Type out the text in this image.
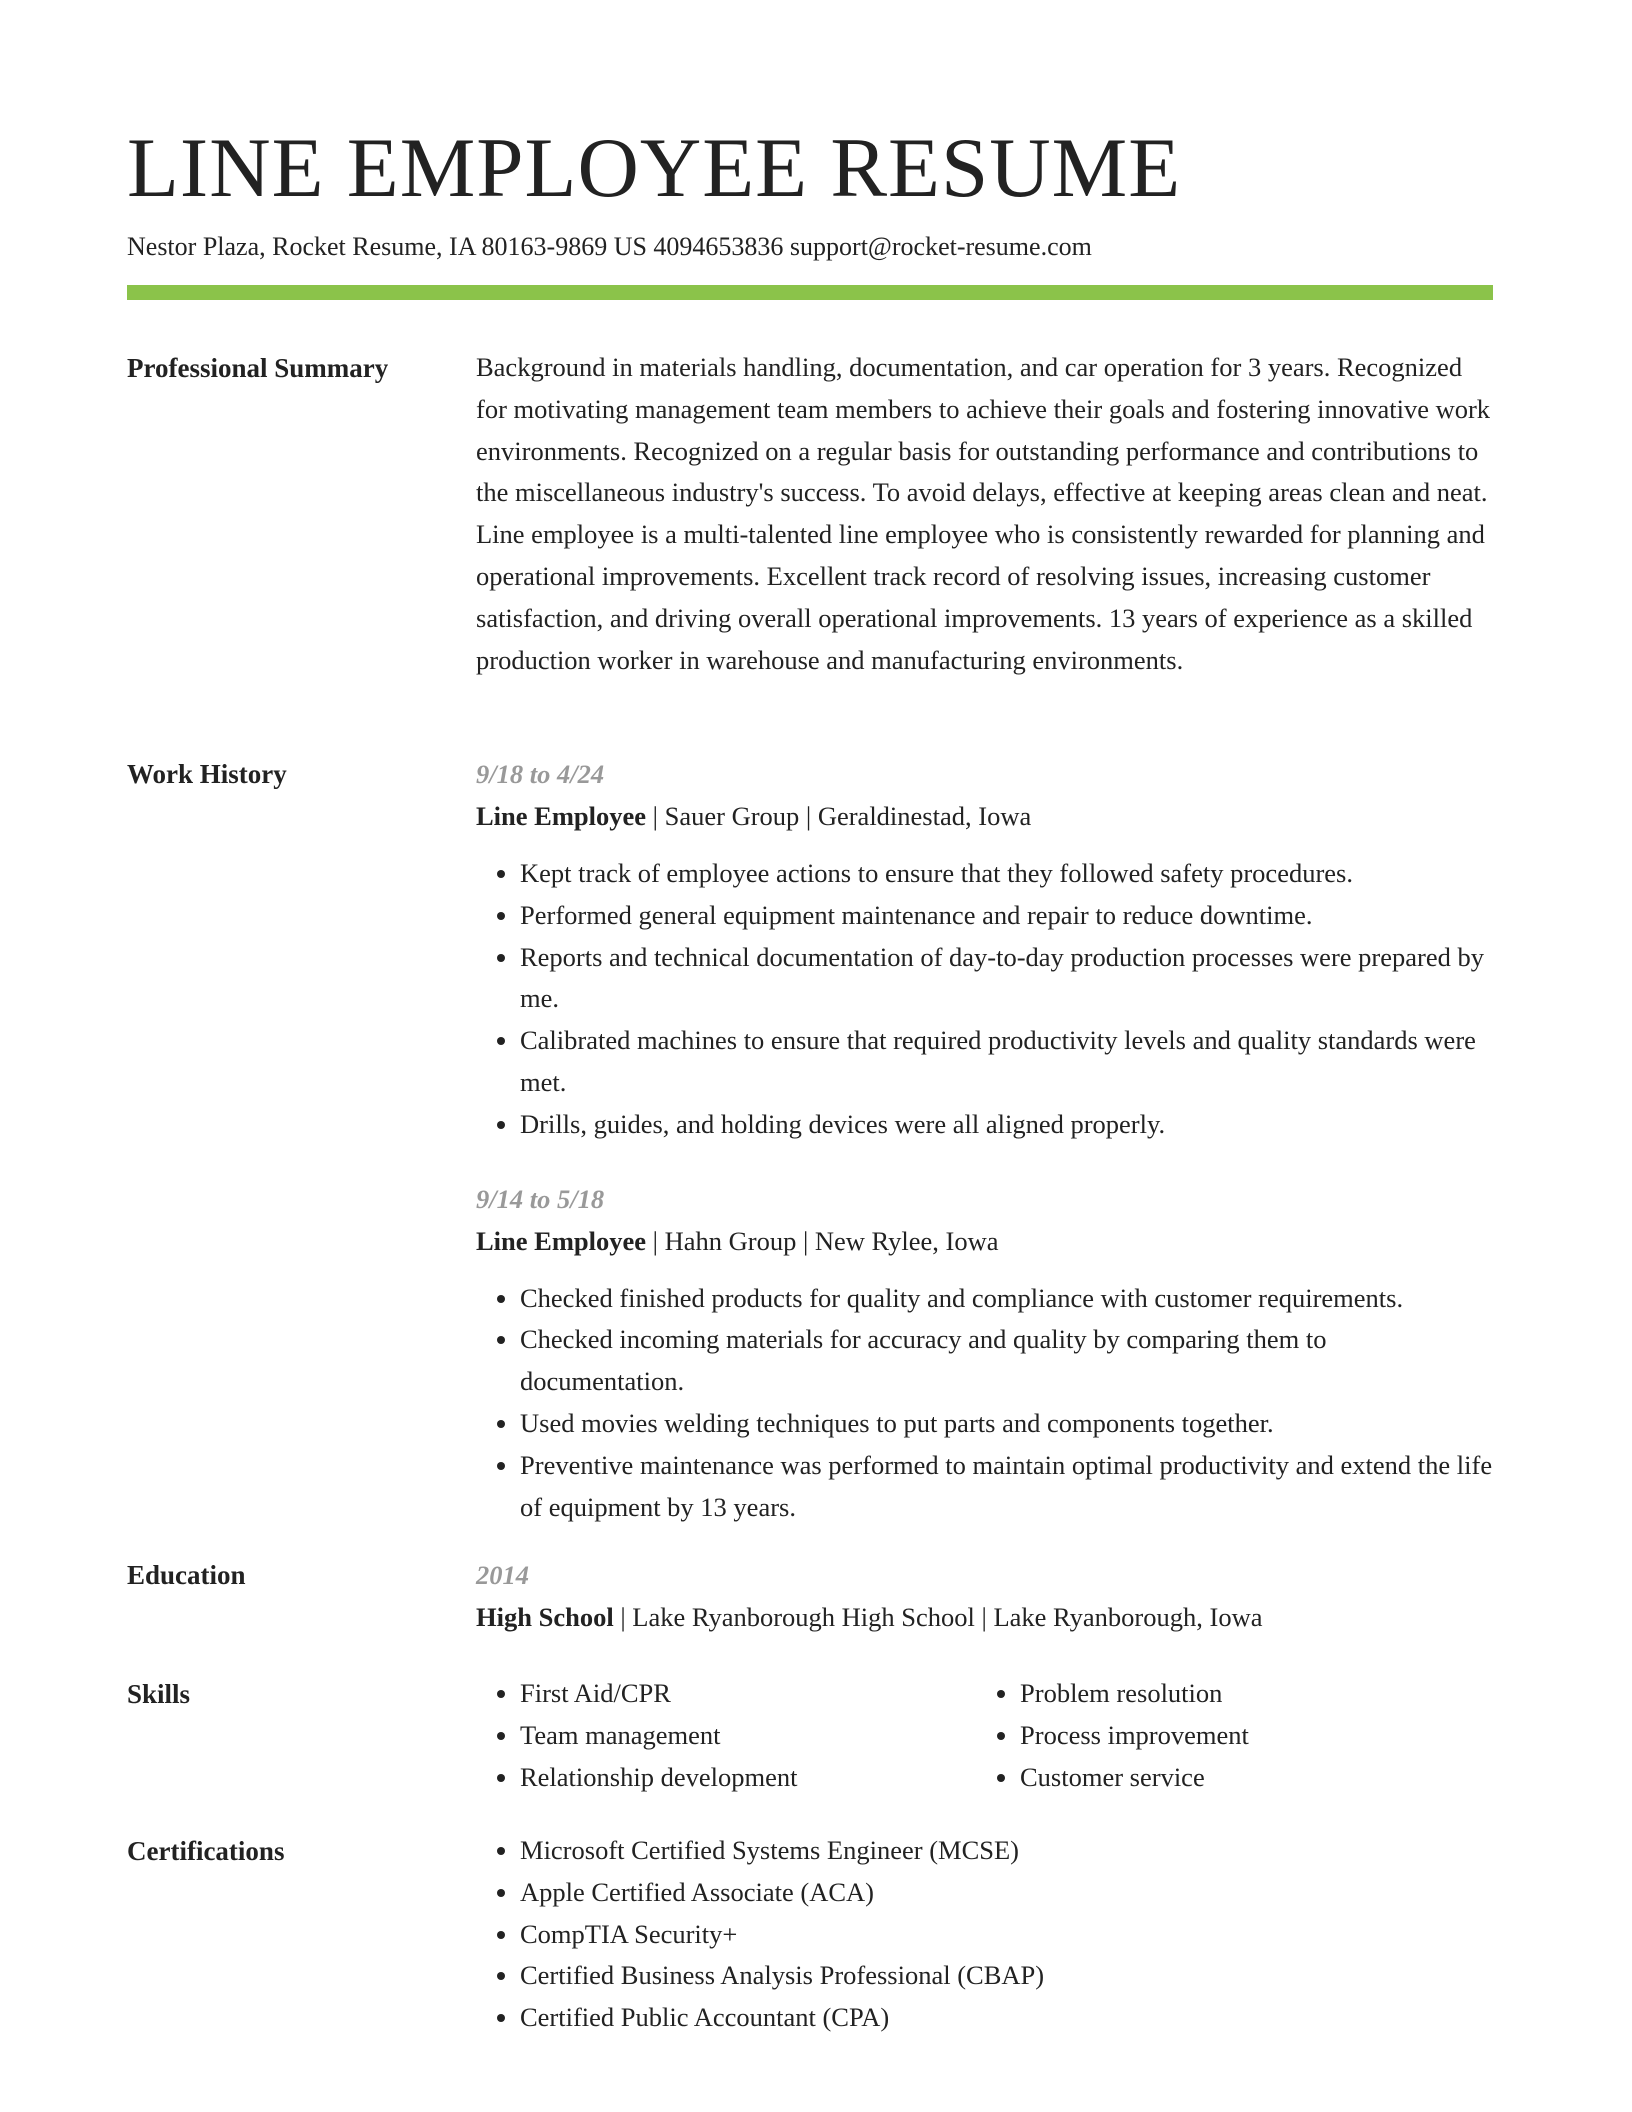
LINE EMPLOYEE RESUME
Nestor Plaza, Rocket Resume, IA 80163-9869 US 4094653836 support@rocket-resume.com
Professional Summary	Background in materials handling, documentation, and car operation for 3 years. Recognized for motivating management team members to achieve their goals and fostering innovative work environments. Recognized on a regular basis for outstanding performance and contributions to the miscellaneous industry's success. To avoid delays, effective at keeping areas clean and neat. Line employee is a multi-talented line employee who is consistently rewarded for planning and operational improvements. Excellent track record of resolving issues, increasing customer satisfaction, and driving overall operational improvements. 13 years of experience as a skilled production worker in warehouse and manufacturing environments.

Work History	9/18 to 4/24
Line Employee | Sauer Group | Geraldinestad, Iowa
• Kept track of employee actions to ensure that they followed safety procedures.
• Performed general equipment maintenance and repair to reduce downtime.
• Reports and technical documentation of day-to-day production processes were prepared by me.
• Calibrated machines to ensure that required productivity levels and quality standards were met.
• Drills, guides, and holding devices were all aligned properly.
9/14 to 5/18
Line Employee | Hahn Group | New Rylee, Iowa
• Checked finished products for quality and compliance with customer requirements.
• Checked incoming materials for accuracy and quality by comparing them to documentation.
• Used movies welding techniques to put parts and components together.
• Preventive maintenance was performed to maintain optimal productivity and extend the life of equipment by 13 years.
Education	2014
High School | Lake Ryanborough High School | Lake Ryanborough, Iowa
Skills	• First Aid/CPR
• Team management
• Relationship development
• Problem resolution
• Process improvement
• Customer service
Certifications	• Microsoft Certified Systems Engineer (MCSE)
• Apple Certified Associate (ACA)
• CompTIA Security+
• Certified Business Analysis Professional (CBAP)
• Certified Public Accountant (CPA)
